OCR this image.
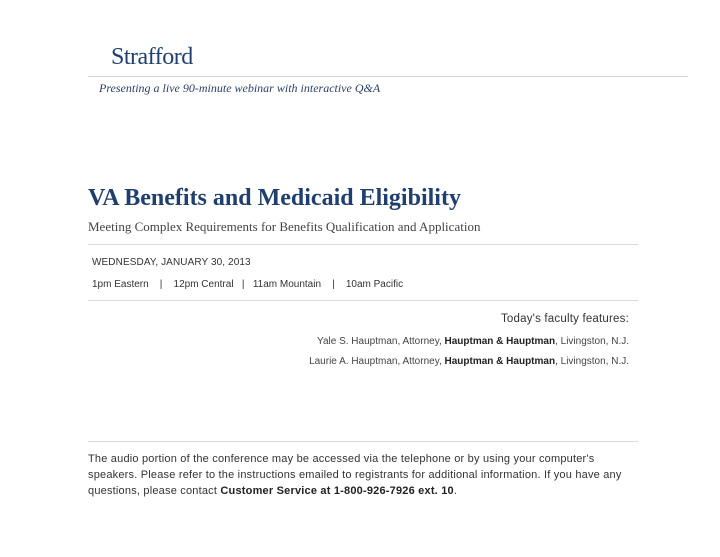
Strafford
Presenting a live 90-minute webinar with interactive Q&A
VA Benefits and Medicaid Eligibility
Meeting Complex Requirements for Benefits Qualification and Application
WEDNESDAY, JANUARY 30, 2013
1pm Eastern    |    12pm Central   |   11am Mountain    |    10am Pacific
Today's faculty features:
Yale S. Hauptman, Attorney, Hauptman & Hauptman, Livingston, N.J.
Laurie A. Hauptman, Attorney, Hauptman & Hauptman, Livingston, N.J.

The audio portion of the conference may be accessed via the telephone or by using your computer's speakers. Please refer to the instructions emailed to registrants for additional information. If you have any questions, please contact Customer Service at 1-800-926-7926 ext. 10.
